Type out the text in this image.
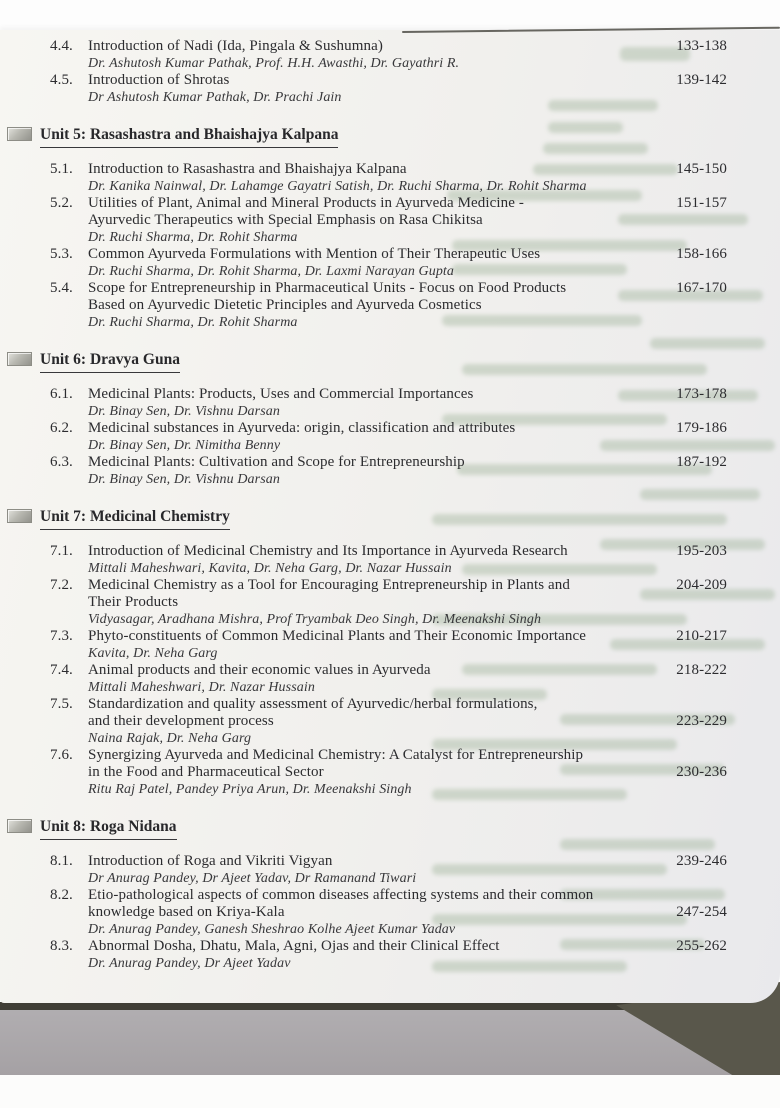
4.4.	Introduction of Nadi (Ida, Pingala & Sushumna)	133-138
Dr. Ashutosh Kumar Pathak, Prof. H.H. Awasthi, Dr. Gayathri R.
4.5.	Introduction of Shrotas	139-142
Dr Ashutosh Kumar Pathak, Dr. Prachi Jain
Unit 5: Rasashastra and Bhaishajya Kalpana
5.1.	Introduction to Rasashastra and Bhaishajya Kalpana	145-150
Dr. Kanika Nainwal, Dr. Lahamge Gayatri Satish, Dr. Ruchi Sharma, Dr. Rohit Sharma
5.2.	Utilities of Plant, Animal and Mineral Products in Ayurveda Medicine -	151-157
Ayurvedic Therapeutics with Special Emphasis on Rasa Chikitsa
Dr. Ruchi Sharma, Dr. Rohit Sharma
5.3.	Common Ayurveda Formulations with Mention of Their Therapeutic Uses	158-166
Dr. Ruchi Sharma, Dr. Rohit Sharma, Dr. Laxmi Narayan Gupta
5.4.	Scope for Entrepreneurship in Pharmaceutical Units - Focus on Food Products	167-170
Based on Ayurvedic Dietetic Principles and Ayurveda Cosmetics
Dr. Ruchi Sharma, Dr. Rohit Sharma
Unit 6: Dravya Guna
6.1.	Medicinal Plants: Products, Uses and Commercial Importances	173-178
Dr. Binay Sen, Dr. Vishnu Darsan
6.2.	Medicinal substances in Ayurveda: origin, classification and attributes	179-186
Dr. Binay Sen, Dr. Nimitha Benny
6.3.	Medicinal Plants: Cultivation and Scope for Entrepreneurship	187-192
Dr. Binay Sen, Dr. Vishnu Darsan
Unit 7: Medicinal Chemistry
7.1.	Introduction of Medicinal Chemistry and Its Importance in Ayurveda Research	195-203
Mittali Maheshwari, Kavita, Dr. Neha Garg, Dr. Nazar Hussain
7.2.	Medicinal Chemistry as a Tool for Encouraging Entrepreneurship in Plants and	204-209
Their Products
Vidyasagar, Aradhana Mishra, Prof Tryambak Deo Singh, Dr. Meenakshi Singh
7.3.	Phyto-constituents of Common Medicinal Plants and Their Economic Importance	210-217
Kavita, Dr. Neha Garg
7.4.	Animal products and their economic values in Ayurveda	218-222
Mittali Maheshwari, Dr. Nazar Hussain
7.5.	Standardization and quality assessment of Ayurvedic/herbal formulations,
and their development process	223-229
Naina Rajak, Dr. Neha Garg
7.6.	Synergizing Ayurveda and Medicinal Chemistry: A Catalyst for Entrepreneurship
in the Food and Pharmaceutical Sector	230-236
Ritu Raj Patel, Pandey Priya Arun, Dr. Meenakshi Singh
Unit 8: Roga Nidana
8.1.	Introduction of Roga and Vikriti Vigyan	239-246
Dr Anurag Pandey, Dr Ajeet Yadav, Dr Ramanand Tiwari
8.2.	Etio-pathological aspects of common diseases affecting systems and their common
knowledge based on Kriya-Kala	247-254
Dr. Anurag Pandey, Ganesh Sheshrao Kolhe Ajeet Kumar Yadav
8.3.	Abnormal Dosha, Dhatu, Mala, Agni, Ojas and their Clinical Effect	255-262
Dr. Anurag Pandey, Dr Ajeet Yadav
